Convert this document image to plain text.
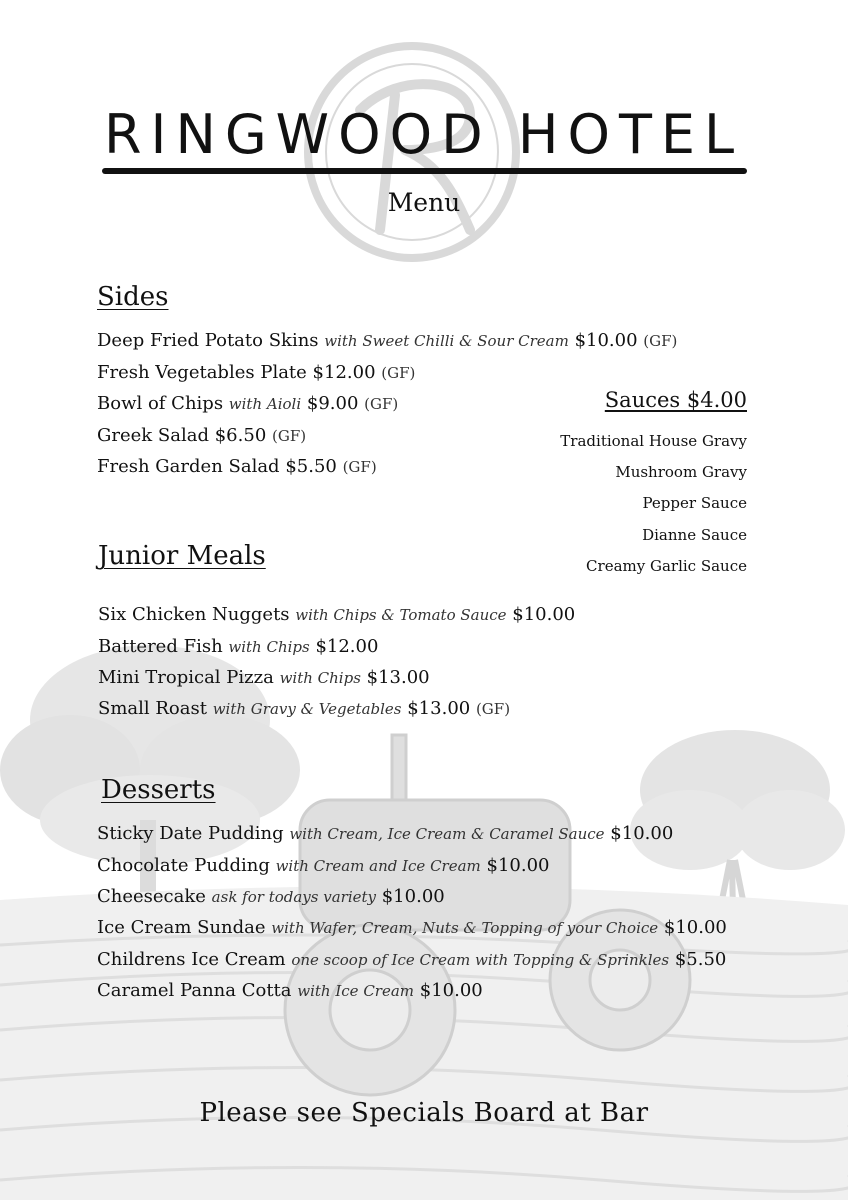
RINGWOOD HOTEL
Menu
Sides
Deep Fried Potato Skins with Sweet Chilli & Sour Cream $10.00 (GF)
Fresh Vegetables Plate $12.00 (GF)
Bowl of Chips with Aioli $9.00 (GF)
Greek Salad $6.50 (GF)
Fresh Garden Salad $5.50 (GF)
Sauces $4.00
Traditional House Gravy
Mushroom Gravy
Pepper Sauce
Dianne Sauce
Creamy Garlic Sauce
Junior Meals
Six Chicken Nuggets with Chips & Tomato Sauce $10.00
Battered Fish with Chips $12.00
Mini Tropical Pizza with Chips $13.00
Small Roast with Gravy & Vegetables $13.00 (GF)
Desserts
Sticky Date Pudding with Cream, Ice Cream & Caramel Sauce $10.00
Chocolate Pudding with Cream and Ice Cream $10.00
Cheesecake ask for todays variety $10.00
Ice Cream Sundae with Wafer, Cream, Nuts & Topping of your Choice $10.00
Childrens Ice Cream one scoop of Ice Cream with Topping & Sprinkles $5.50
Caramel Panna Cotta with Ice Cream $10.00
Please see Specials Board at Bar
